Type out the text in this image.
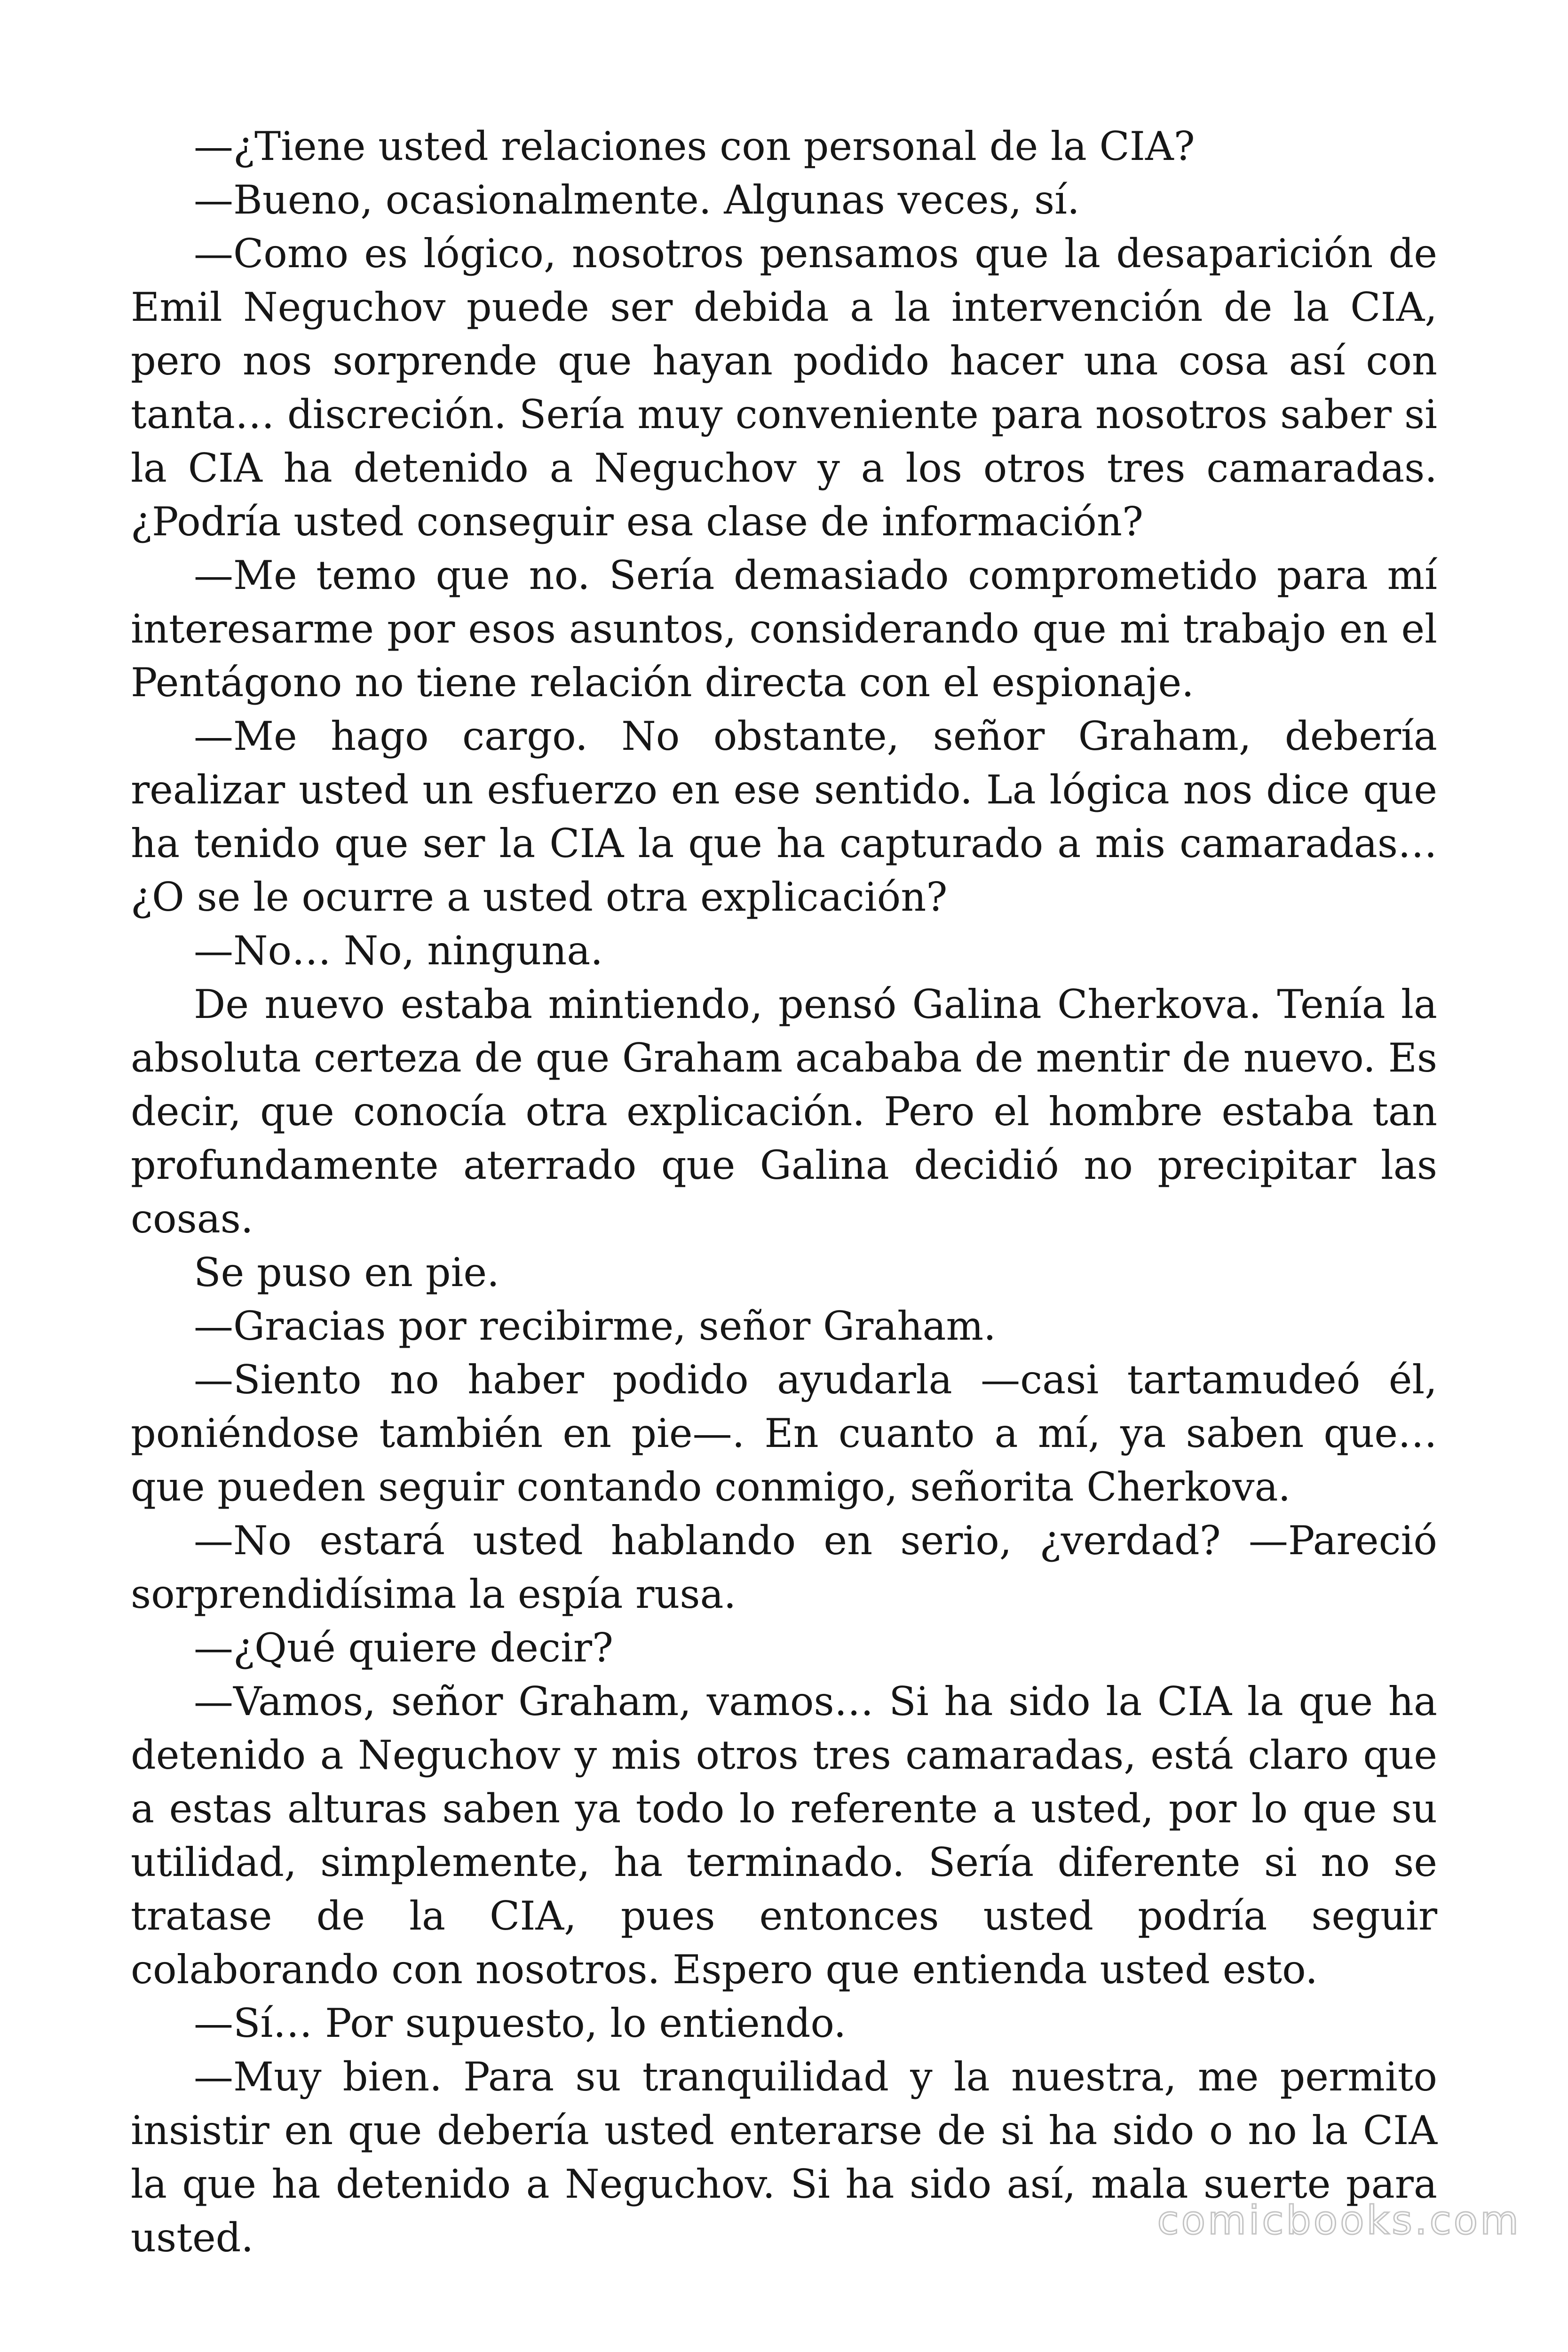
—¿Tiene usted relaciones con personal de la CIA?

—Bueno, ocasionalmente. Algunas veces, sí.

—Como es lógico, nosotros pensamos que la desaparición de Emil Neguchov puede ser debida a la intervención de la CIA, pero nos sorprende que hayan podido hacer una cosa así con tanta… discreción. Sería muy conveniente para nosotros saber si la CIA ha detenido a Neguchov y a los otros tres camaradas. ¿Podría usted conseguir esa clase de información?

—Me temo que no. Sería demasiado comprometido para mí interesarme por esos asuntos, considerando que mi trabajo en el Pentágono no tiene relación directa con el espionaje.

—Me hago cargo. No obstante, señor Graham, debería realizar usted un esfuerzo en ese sentido. La lógica nos dice que ha tenido que ser la CIA la que ha capturado a mis camaradas… ¿O se le ocurre a usted otra explicación?

—No… No, ninguna.

De nuevo estaba mintiendo, pensó Galina Cherkova. Tenía la absoluta certeza de que Graham acababa de mentir de nuevo. Es decir, que conocía otra explicación. Pero el hombre estaba tan profundamente aterrado que Galina decidió no precipitar las cosas.

Se puso en pie.

—Gracias por recibirme, señor Graham.

—Siento no haber podido ayudarla —casi tartamudeó él, poniéndose también en pie—. En cuanto a mí, ya saben que… que pueden seguir contando conmigo, señorita Cherkova.

—No estará usted hablando en serio, ¿verdad? —Pareció sorprendidísima la espía rusa.

—¿Qué quiere decir?

—Vamos, señor Graham, vamos… Si ha sido la CIA la que ha detenido a Neguchov y mis otros tres camaradas, está claro que a estas alturas saben ya todo lo referente a usted, por lo que su utilidad, simplemente, ha terminado. Sería diferente si no se tratase de la CIA, pues entonces usted podría seguir colaborando con nosotros. Espero que entienda usted esto.

—Sí… Por supuesto, lo entiendo.

—Muy bien. Para su tranquilidad y la nuestra, me permito insistir en que debería usted enterarse de si ha sido o no la CIA la que ha detenido a Neguchov. Si ha sido así, mala suerte para usted.	comicbooks.com
